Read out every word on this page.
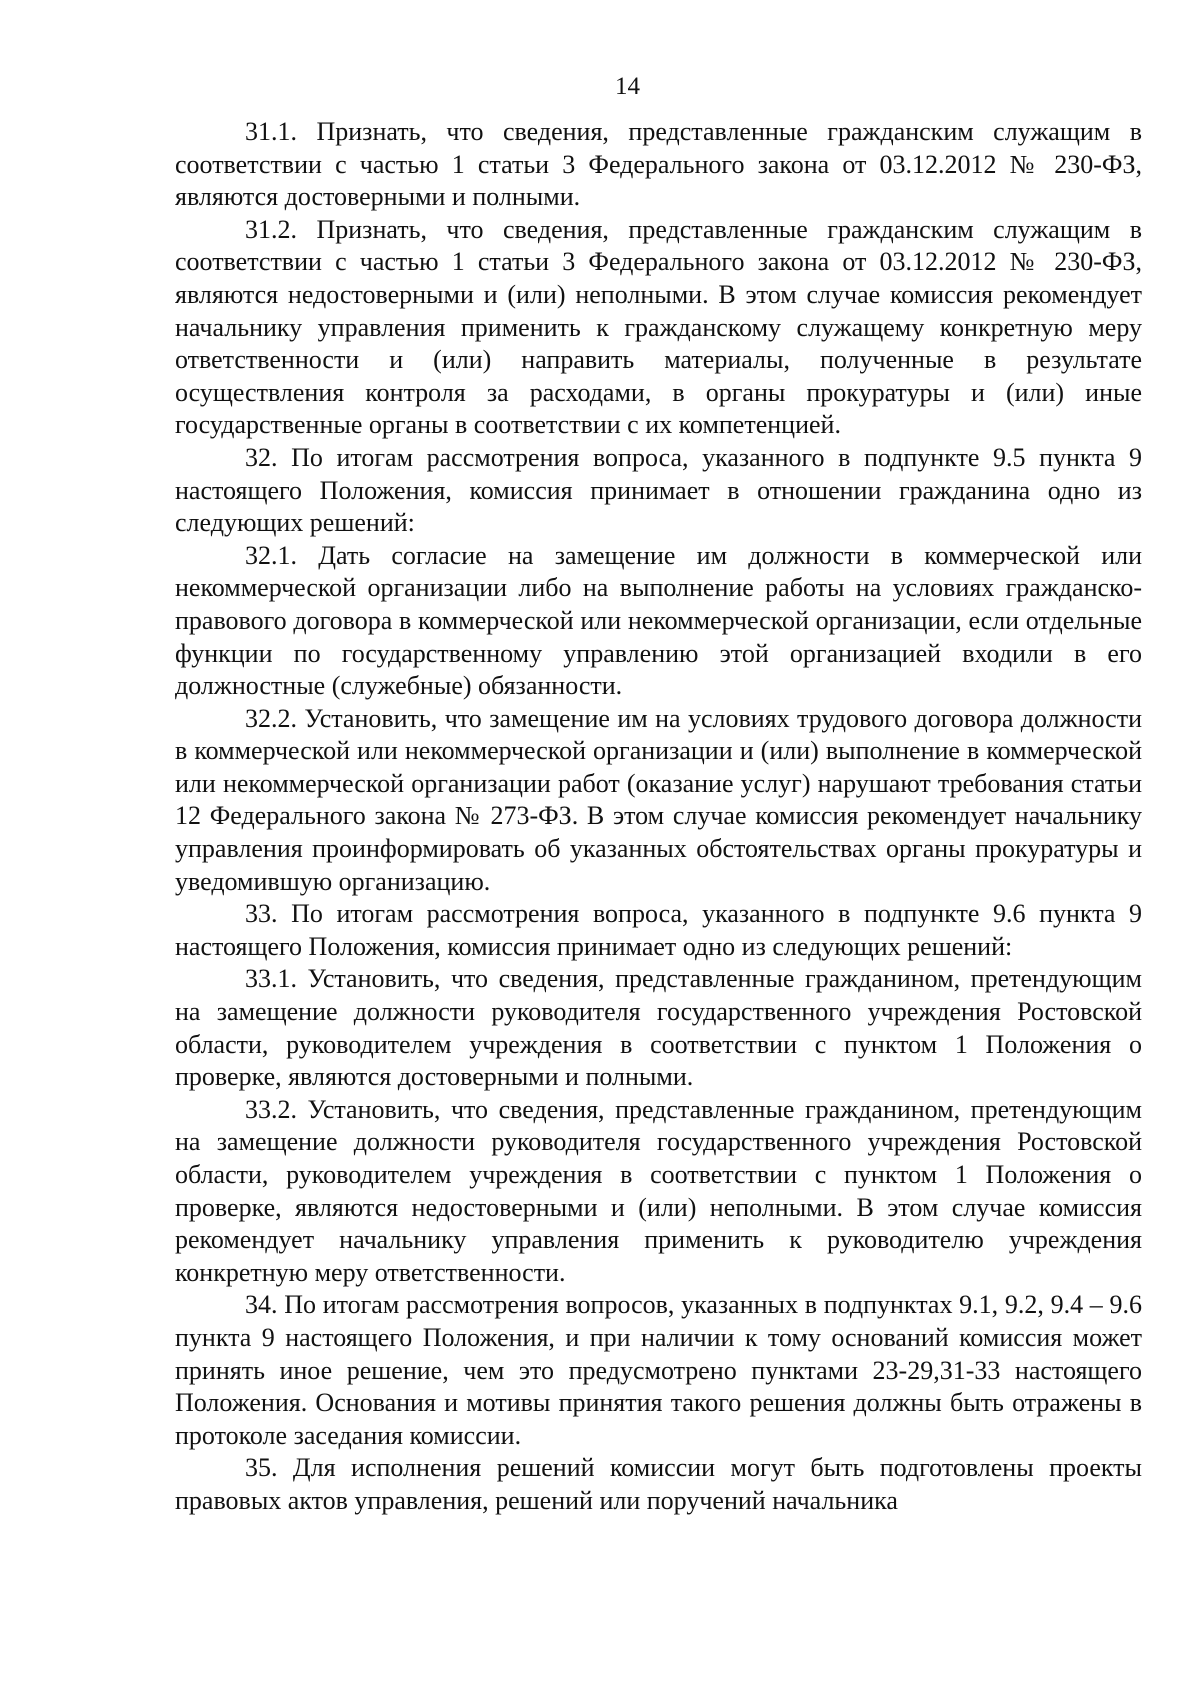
14

31.1. Признать, что сведения, представленные гражданским служащим в соответствии с частью 1 статьи 3 Федерального закона от 03.12.2012 № 230-ФЗ, являются достоверными и полными.

31.2. Признать, что сведения, представленные гражданским служащим в соответствии с частью 1 статьи 3 Федерального закона от 03.12.2012 № 230-ФЗ, являются недостоверными и (или) неполными. В этом случае комиссия рекомендует начальнику управления применить к гражданскому служащему конкретную меру ответственности и (или) направить материалы, полученные в результате осуществления контроля за расходами, в органы прокуратуры и (или) иные государственные органы в соответствии с их компетенцией.

32. По итогам рассмотрения вопроса, указанного в подпункте 9.5 пункта 9 настоящего Положения, комиссия принимает в отношении гражданина одно из следующих решений:

32.1. Дать согласие на замещение им должности в коммерческой или некоммерческой организации либо на выполнение работы на условиях гражданско-правового договора в коммерческой или некоммерческой организации, если отдельные функции по государственному управлению этой организацией входили в его должностные (служебные) обязанности.

32.2. Установить, что замещение им на условиях трудового договора должности в коммерческой или некоммерческой организации и (или) выполнение в коммерческой или некоммерческой организации работ (оказание услуг) нарушают требования статьи 12 Федерального закона № 273-ФЗ. В этом случае комиссия рекомендует начальнику управления проинформировать об указанных обстоятельствах органы прокуратуры и уведомившую организацию.

33. По итогам рассмотрения вопроса, указанного в подпункте 9.6 пункта 9 настоящего Положения, комиссия принимает одно из следующих решений:

33.1. Установить, что сведения, представленные гражданином, претендующим на замещение должности руководителя государственного учреждения Ростовской области, руководителем учреждения в соответствии с пунктом 1 Положения о проверке, являются достоверными и полными.

33.2. Установить, что сведения, представленные гражданином, претендующим на замещение должности руководителя государственного учреждения Ростовской области, руководителем учреждения в соответствии с пунктом 1 Положения о проверке, являются недостоверными и (или) неполными. В этом случае комиссия рекомендует начальнику управления применить к руководителю учреждения конкретную меру ответственности.

34. По итогам рассмотрения вопросов, указанных в подпунктах 9.1, 9.2, 9.4 – 9.6 пункта 9 настоящего Положения, и при наличии к тому оснований комиссия может принять иное решение, чем это предусмотрено пунктами 23-29,31-33 настоящего Положения. Основания и мотивы принятия такого решения должны быть отражены в протоколе заседания комиссии.

35. Для исполнения решений комиссии могут быть подготовлены проекты правовых актов управления, решений или поручений начальника
